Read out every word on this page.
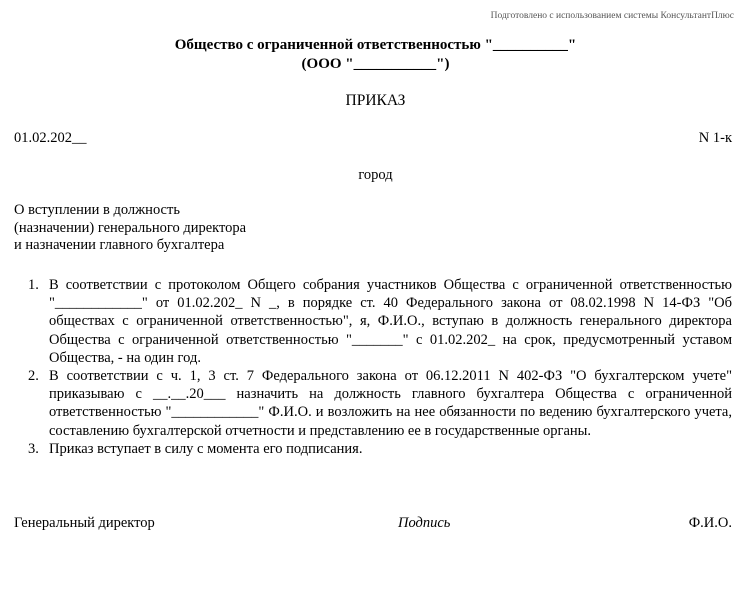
Подготовлено с использованием системы КонсультантПлюс
Общество с ограниченной ответственностью "__________"
(ООО "___________")
ПРИКАЗ
01.02.202__	N 1-к
город
О вступлении в должность
(назначении) генерального директора
и назначении главного бухгалтера
1. В соответствии с протоколом Общего собрания участников Общества с ограниченной ответственностью "____________" от 01.02.202_ N _, в порядке ст. 40 Федерального закона от 08.02.1998 N 14-ФЗ "Об обществах с ограниченной ответственностью", я, Ф.И.О., вступаю в должность генерального директора Общества с ограниченной ответственностью "_______" с 01.02.202_ на срок, предусмотренный уставом Общества, - на один год.
2. В соответствии с ч. 1, 3 ст. 7 Федерального закона от 06.12.2011 N 402-ФЗ "О бухгалтерском учете" приказываю с __.__.20___ назначить на должность главного бухгалтера Общества с ограниченной ответственностью "____________" Ф.И.О. и возложить на нее обязанности по ведению бухгалтерского учета, составлению бухгалтерской отчетности и представлению ее в государственные органы.
3. Приказ вступает в силу с момента его подписания.
Генеральный директор	Подпись	Ф.И.О.
